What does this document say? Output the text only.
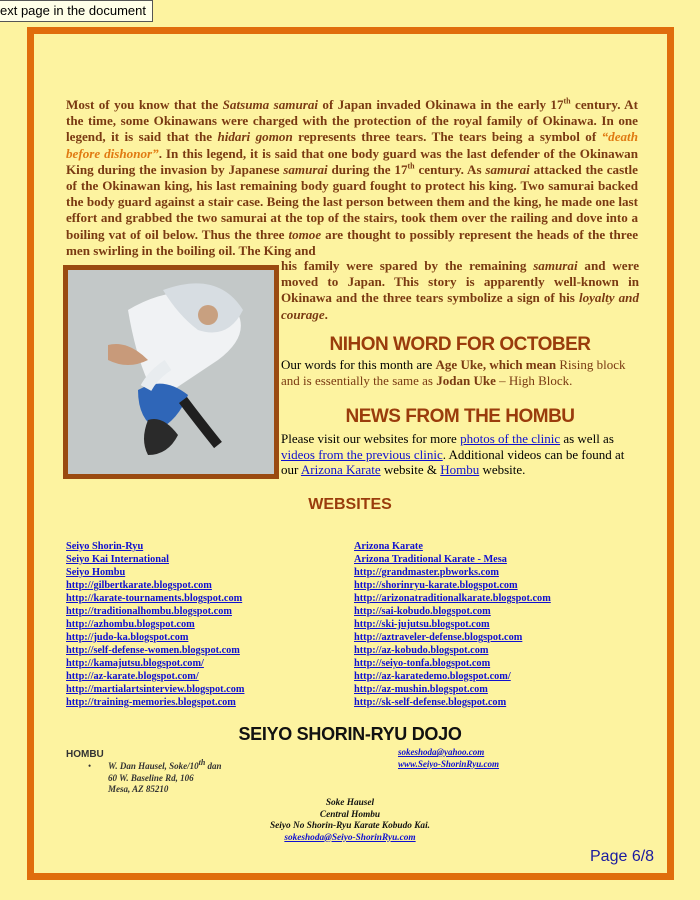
ext page in the document
Most of you know that the Satsuma samurai of Japan invaded Okinawa in the early 17th century. At the time, some Okinawans were charged with the protection of the royal family of Okinawa. In one legend, it is said that the hidari gomon represents three tears. The tears being a symbol of “death before dishonor”. In this legend, it is said that one body guard was the last defender of the Okinawan King during the invasion by Japanese samurai during the 17th century. As samurai attacked the castle of the Okinawan king, his last remaining body guard fought to protect his king. Two samurai backed the body guard against a stair case. Being the last person between them and the king, he made one last effort and grabbed the two samurai at the top of the stairs, took them over the railing and dove into a boiling vat of oil below. Thus the three tomoe are thought to possibly represent the heads of the three men swirling in the boiling oil. The King and
his family were spared by the remaining samurai and were moved to Japan. This story is apparently well-known in Okinawa and the three tears symbolize a sign of his loyalty and courage.
NIHON WORD FOR OCTOBER
Our words for this month are Age Uke, which mean Rising block and is essentially the same as Jodan Uke – High Block.
NEWS FROM THE HOMBU
Please visit our websites for more photos of the clinic as well as videos from the previous clinic. Additional videos can be found at our Arizona Karate website & Hombu website.
WEBSITES
Seiyo Shorin-Ryu
Seiyo Kai International
Seiyo Hombu
http://gilbertkarate.blogspot.com
http://karate-tournaments.blogspot.com
http://traditionalhombu.blogspot.com
http://azhombu.blogspot.com
http://judo-ka.blogspot.com
http://self-defense-women.blogspot.com
http://kamajutsu.blogspot.com/
http://az-karate.blogspot.com/
http://martialartsinterview.blogspot.com
http://training-memories.blogspot.com
Arizona Karate
Arizona Traditional Karate - Mesa
http://grandmaster.pbworks.com
http://shorinryu-karate.blogspot.com
http://arizonatraditionalkarate.blogspot.com
http://sai-kobudo.blogspot.com
http://ski-jujutsu.blogspot.com
http://aztraveler-defense.blogspot.com
http://az-kobudo.blogspot.com
http://seiyo-tonfa.blogspot.com
http://az-karatedemo.blogspot.com/
http://az-mushin.blogspot.com
http://sk-self-defense.blogspot.com
SEIYO SHORIN-RYU DOJO
HOMBU
• W. Dan Hausel, Soke/10th dan
60 W. Baseline Rd, 106
Mesa, AZ 85210
sokeshoda@yahoo.com
www.Seiyo-ShorinRyu.com
Soke Hausel
Central Hombu
Seiyo No Shorin-Ryu Karate Kobudo Kai.
sokeshoda@Seiyo-ShorinRyu.com
Page 6/8
